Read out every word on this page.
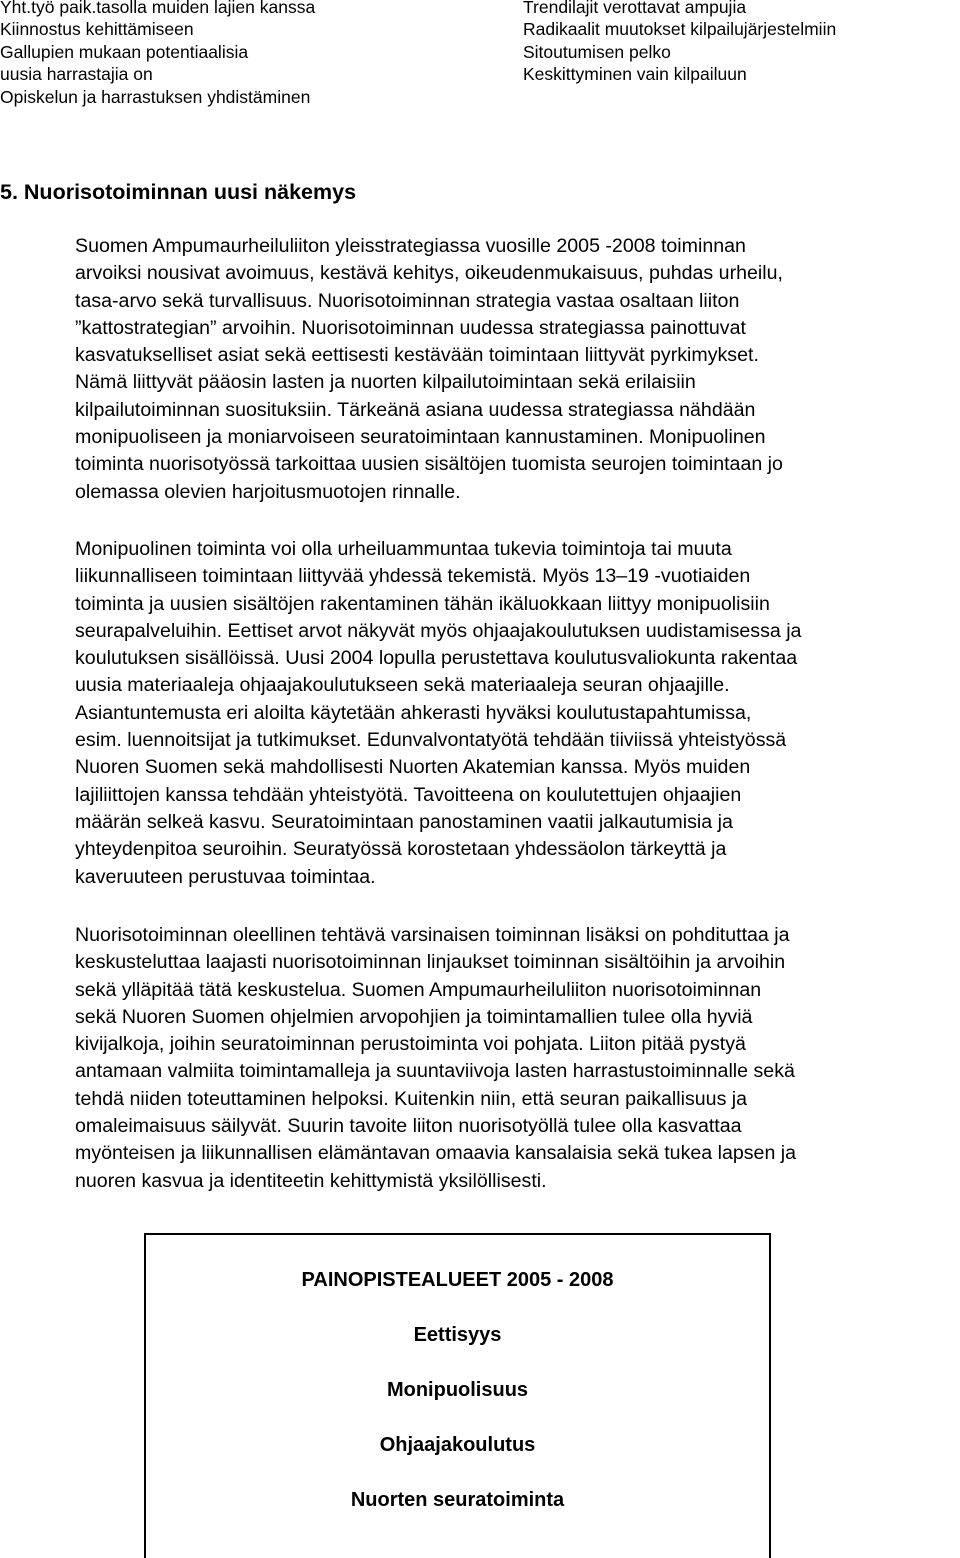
Yht.työ paik.tasolla muiden lajien kanssa
Kiinnostus kehittämiseen
Gallupien mukaan potentiaalisia
uusia harrastajia on
Opiskelun ja harrastuksen yhdistäminen
Trendilajit verottavat ampujia
Radikaalit muutokset kilpailujärjestelmiin
Sitoutumisen pelko
Keskittyminen vain kilpailuun
5. Nuorisotoiminnan uusi näkemys
Suomen Ampumaurheiluliiton yleisstrategiassa vuosille 2005 -2008 toiminnan
arvoiksi nousivat avoimuus, kestävä kehitys, oikeudenmukaisuus, puhdas urheilu,
tasa-arvo sekä turvallisuus. Nuorisotoiminnan strategia vastaa osaltaan liiton
”kattostrategian” arvoihin. Nuorisotoiminnan uudessa strategiassa painottuvat
kasvatukselliset asiat sekä eettisesti kestävään toimintaan liittyvät pyrkimykset.
Nämä liittyvät pääosin lasten ja nuorten kilpailutoimintaan sekä erilaisiin
kilpailutoiminnan suosituksiin. Tärkeänä asiana uudessa strategiassa nähdään
monipuoliseen ja moniarvoiseen seuratoimintaan kannustaminen. Monipuolinen
toiminta nuorisotyössä tarkoittaa uusien sisältöjen tuomista seurojen toimintaan jo
olemassa olevien harjoitusmuotojen rinnalle.
Monipuolinen toiminta voi olla urheiluammuntaa tukevia toimintoja tai muuta
liikunnalliseen toimintaan liittyvää yhdessä tekemistä. Myös 13–19 -vuotiaiden
toiminta ja uusien sisältöjen rakentaminen tähän ikäluokkaan liittyy monipuolisiin
seurapalveluihin. Eettiset arvot näkyvät myös ohjaajakoulutuksen uudistamisessa ja
koulutuksen sisällöissä. Uusi 2004 lopulla perustettava koulutusvaliokunta rakentaa
uusia materiaaleja ohjaajakoulutukseen sekä materiaaleja seuran ohjaajille.
Asiantuntemusta eri aloilta käytetään ahkerasti hyväksi koulutustapahtumissa,
esim. luennoitsijat ja tutkimukset. Edunvalvontatyötä tehdään tiiviissä yhteistyössä
Nuoren Suomen sekä mahdollisesti Nuorten Akatemian kanssa. Myös muiden
lajiliittojen kanssa tehdään yhteistyötä. Tavoitteena on koulutettujen ohjaajien
määrän selkeä kasvu. Seuratoimintaan panostaminen vaatii jalkautumisia ja
yhteydenpitoa seuroihin. Seuratyössä korostetaan yhdessäolon tärkeyttä ja
kaveruuteen perustuvaa toimintaa.
Nuorisotoiminnan oleellinen tehtävä varsinaisen toiminnan lisäksi on pohdituttaa ja
keskusteluttaa laajasti nuorisotoiminnan linjaukset toiminnan sisältöihin ja arvoihin
sekä ylläpitää tätä keskustelua. Suomen Ampumaurheiluliiton nuorisotoiminnan
sekä Nuoren Suomen ohjelmien arvopohjien ja toimintamallien tulee olla hyviä
kivijalkoja, joihin seuratoiminnan perustoiminta voi pohjata. Liiton pitää pystyä
antamaan valmiita toimintamalleja ja suuntaviivoja lasten harrastustoiminnalle sekä
tehdä niiden toteuttaminen helpoksi. Kuitenkin niin, että seuran paikallisuus ja
omaleimaisuus säilyvät. Suurin tavoite liiton nuorisotyöllä tulee olla kasvattaa
myönteisen ja liikunnallisen elämäntavan omaavia kansalaisia sekä tukea lapsen ja
nuoren kasvua ja identiteetin kehittymistä yksilöllisesti.
PAINOPISTEALUEET 2005 - 2008
Eettisyys
Monipuolisuus
Ohjaajakoulutus
Nuorten seuratoiminta
